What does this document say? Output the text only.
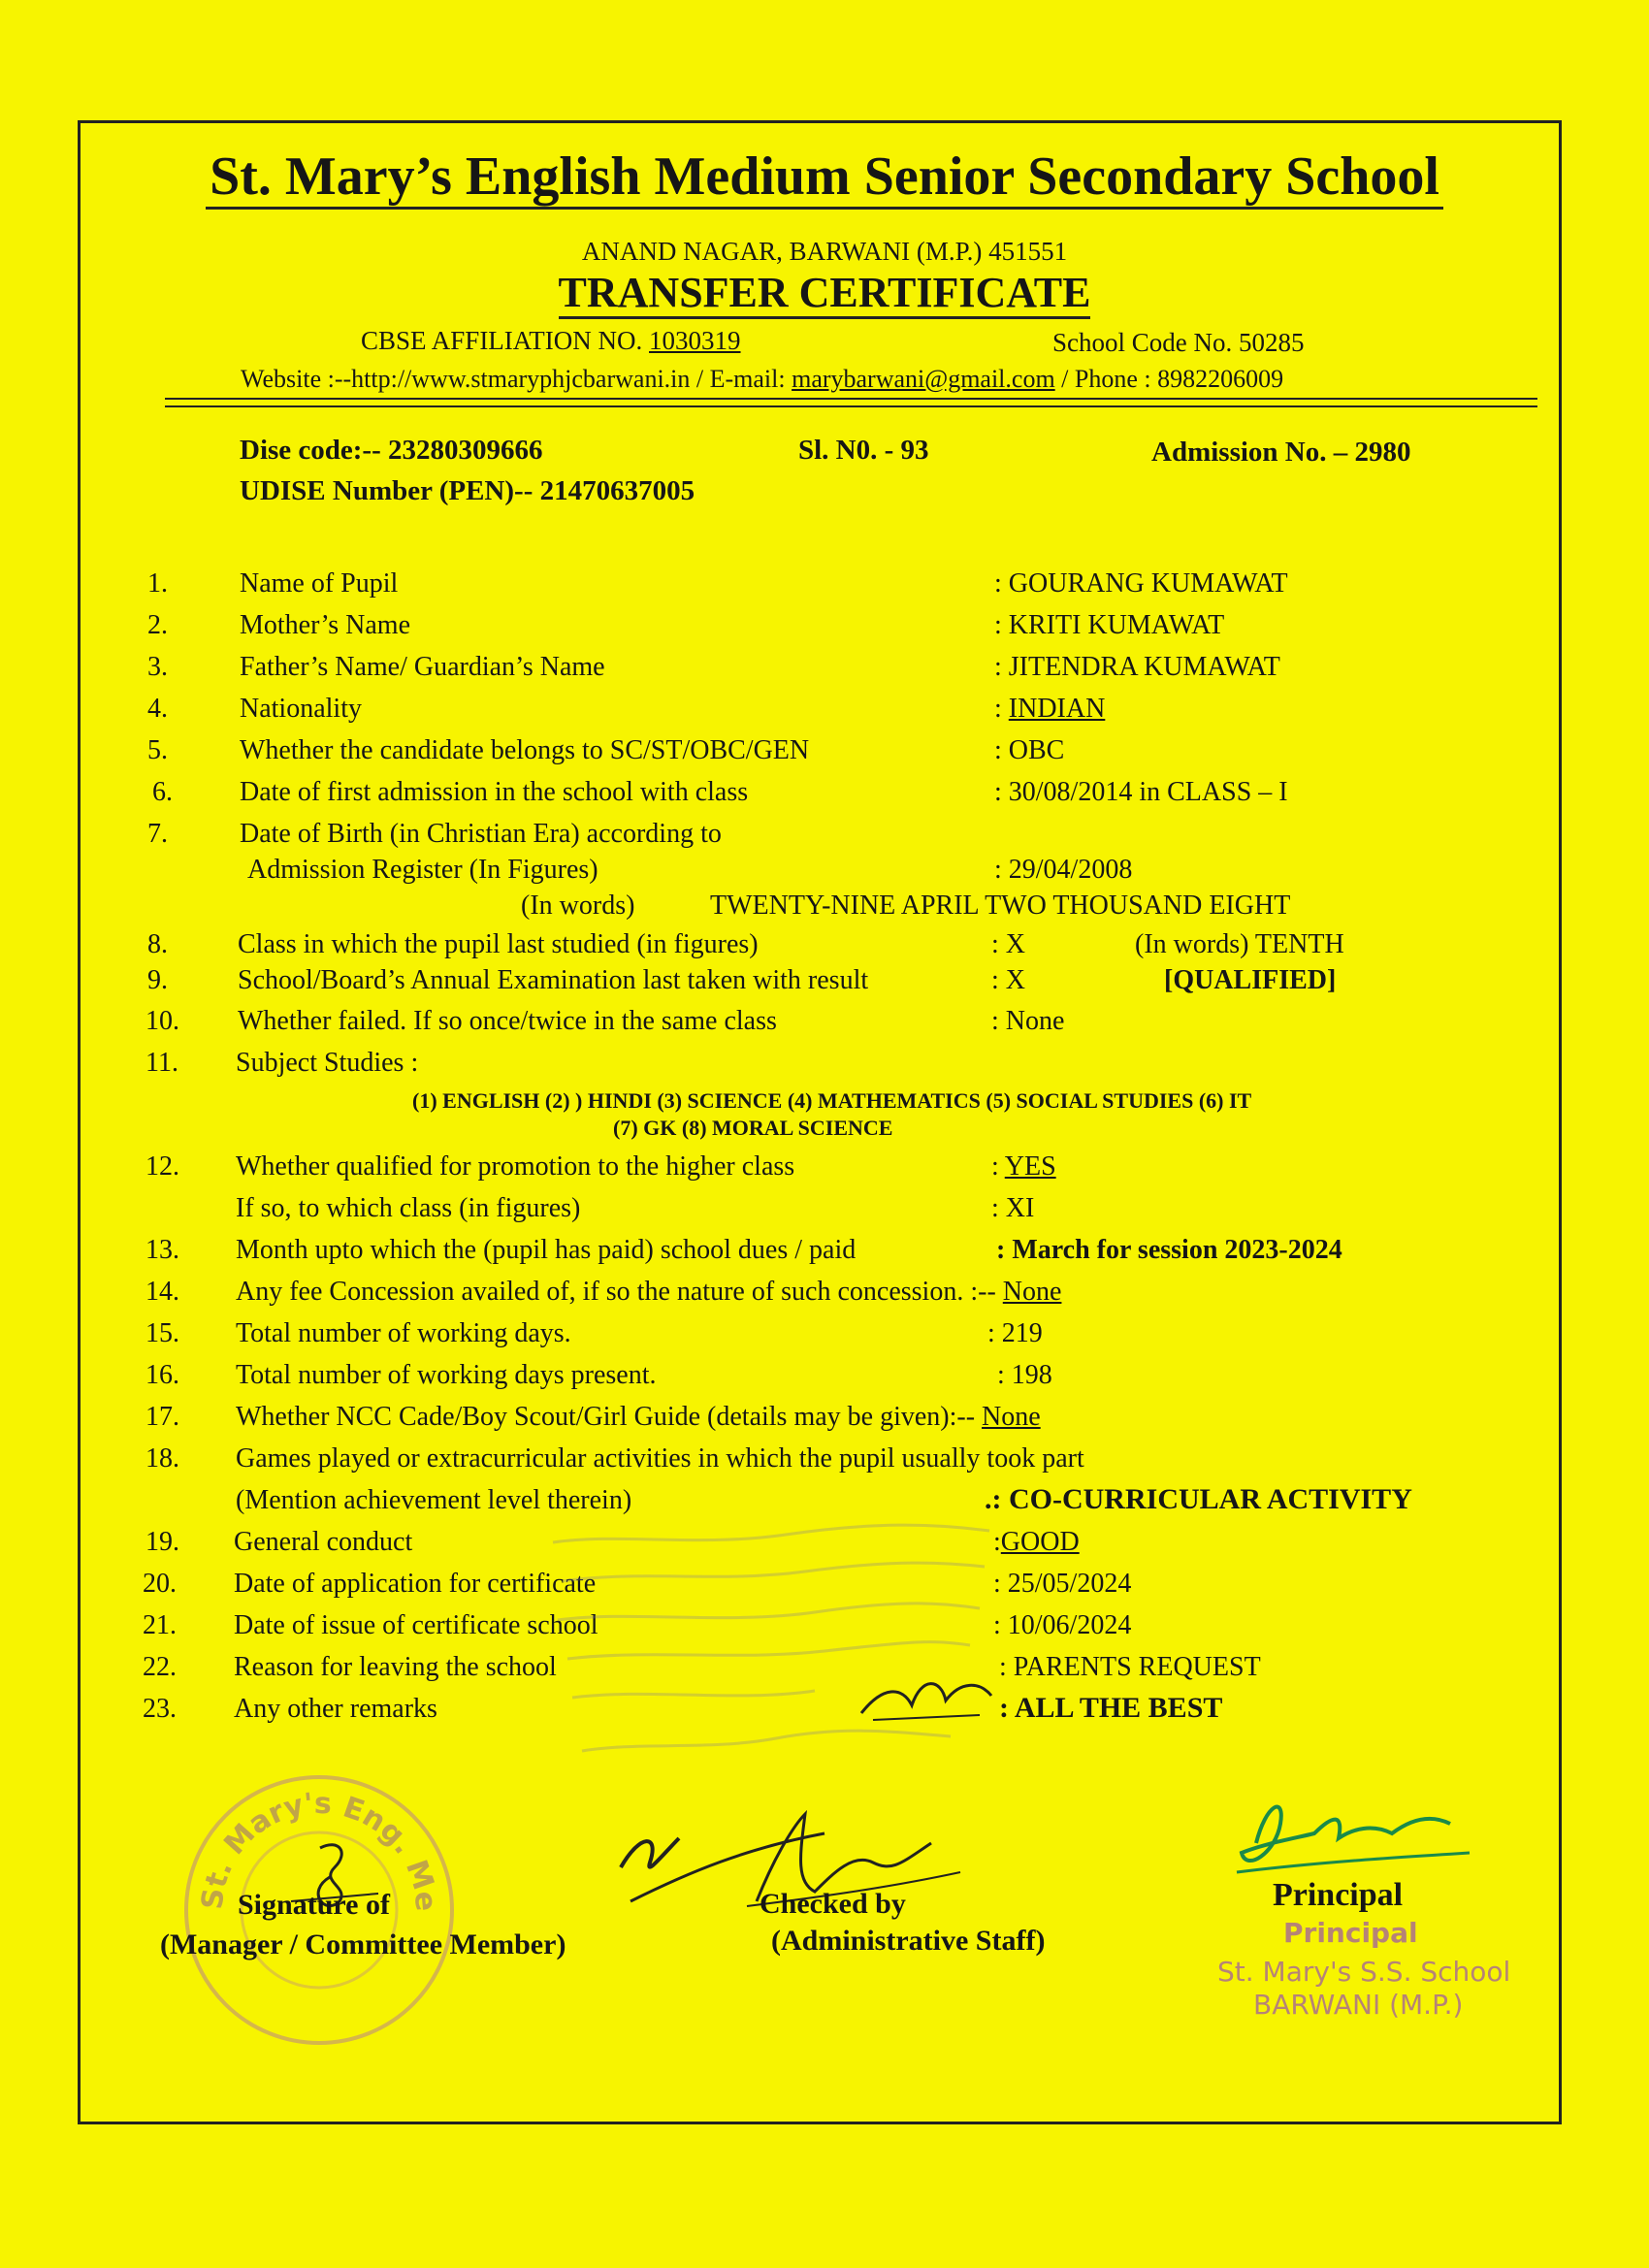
St. Mary’s English Medium Senior Secondary School
ANAND NAGAR, BARWANI (M.P.) 451551
TRANSFER CERTIFICATE
CBSE AFFILIATION NO. 1030319	School Code No. 50285
Website :--http://www.stmaryphjcbarwani.in / E-mail: marybarwani@gmail.com / Phone : 8982206009
Dise code:-- 23280309666	Sl. N0. - 93	Admission No. – 2980
UDISE Number (PEN)-- 21470637005
1.	Name of Pupil	: GOURANG KUMAWAT
2.	Mother’s Name	: KRITI KUMAWAT
3.	Father’s Name/ Guardian’s Name	: JITENDRA KUMAWAT
4.	Nationality	: INDIAN
5.	Whether the candidate belongs to SC/ST/OBC/GEN	: OBC
6. Date of first admission in the school with class	: 30/08/2014 in CLASS – I
7.	Date of Birth (in Christian Era) according to
Admission Register (In Figures)	: 29/04/2008
(In words)	TWENTY-NINE APRIL TWO THOUSAND EIGHT
8.	Class in which the pupil last studied (in figures)	: X	(In words) TENTH
9.	School/Board’s Annual Examination last taken with result	: X	[QUALIFIED]
10. Whether failed. If so once/twice in the same class	: None
11. Subject Studies :
(1) ENGLISH (2) ) HINDI (3) SCIENCE (4) MATHEMATICS (5) SOCIAL STUDIES (6) IT
(7) GK (8) MORAL SCIENCE
12. Whether qualified for promotion to the higher class	: YES
If so, to which class (in figures)	: XI
13. Month upto which the (pupil has paid) school dues / paid	: March for session 2023-2024
14. Any fee Concession availed of, if so the nature of such concession. :-- None
15. Total number of working days.	: 219
16. Total number of working days present.	: 198
17. Whether NCC Cade/Boy Scout/Girl Guide (details may be given):-- None
18. Games played or extracurricular activities in which the pupil usually took part
(Mention achievement level therein)	.: CO-CURRICULAR ACTIVITY
19. General conduct	:GOOD
20. Date of application for certificate	: 25/05/2024
21. Date of issue of certificate school	: 10/06/2024
22. Reason for leaving the school	: PARENTS REQUEST
23. Any other remarks	: ALL THE BEST
St. Mary's Eng. Me
Signature of
(Manager / Committee Member)
Checked by
(Administrative Staff)
Principal
Principal
St. Mary's S.S. School
BARWANI (M.P.)
